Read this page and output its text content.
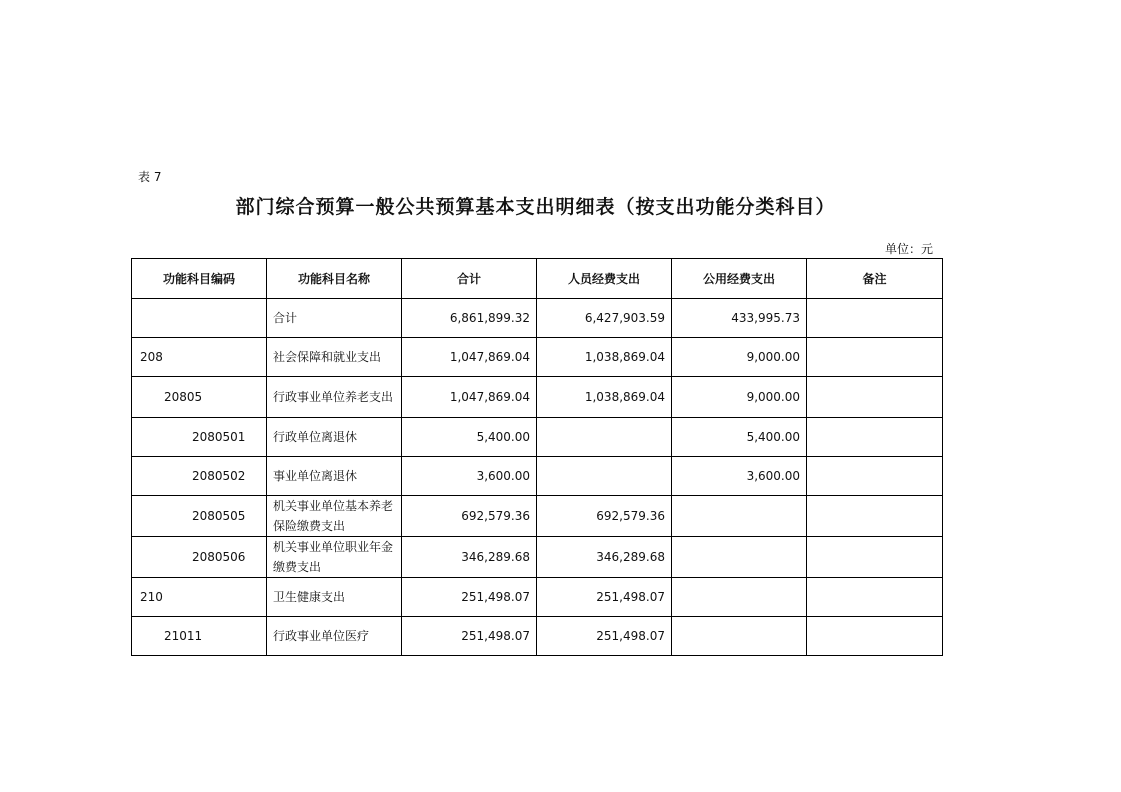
表 7
部门综合预算一般公共预算基本支出明细表（按支出功能分类科目）
单位：元
功能科目编码	功能科目名称	合计	人员经费支出	公用经费支出	备注
	合计	6,861,899.32	6,427,903.59	433,995.73	
208	社会保障和就业支出	1,047,869.04	1,038,869.04	9,000.00	
20805	行政事业单位养老支出	1,047,869.04	1,038,869.04	9,000.00	
2080501	行政单位离退休	5,400.00		5,400.00	
2080502	事业单位离退休	3,600.00		3,600.00	
2080505	机关事业单位基本养老保险缴费支出	692,579.36	692,579.36		
2080506	机关事业单位职业年金缴费支出	346,289.68	346,289.68		
210	卫生健康支出	251,498.07	251,498.07		
21011	行政事业单位医疗	251,498.07	251,498.07		
